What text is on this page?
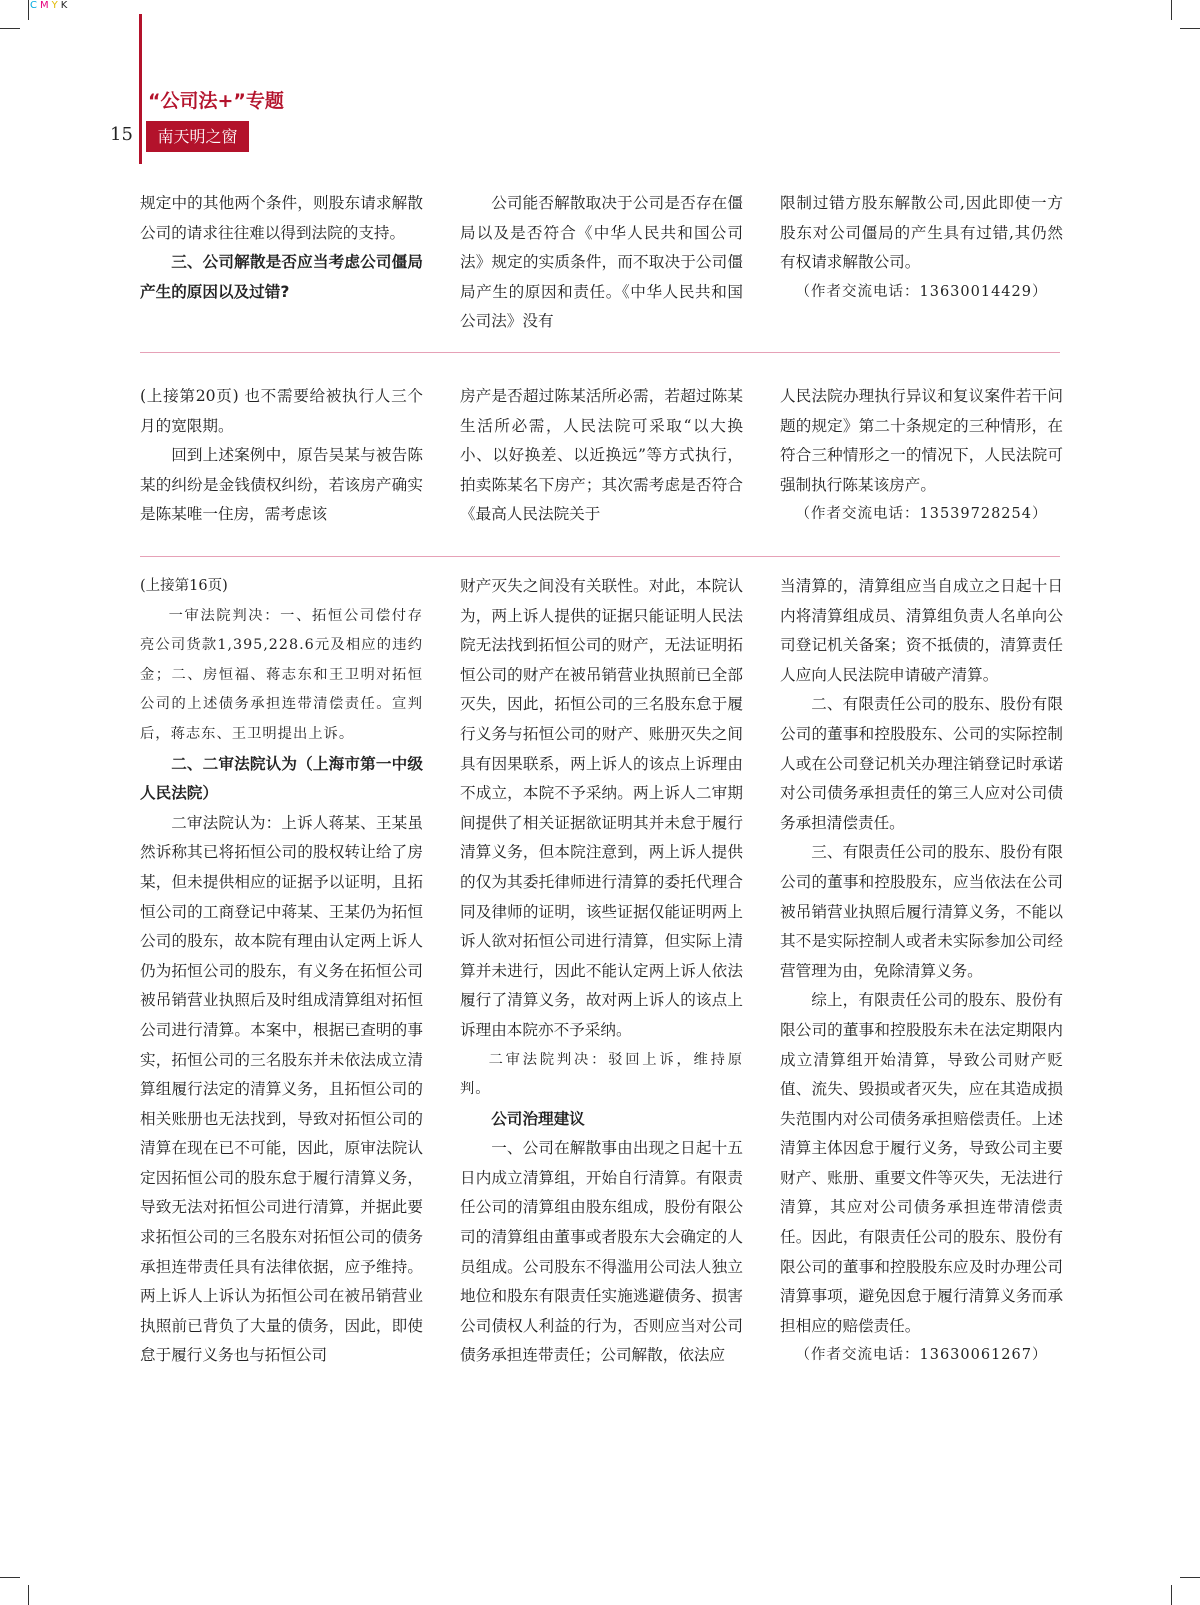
CMYK
“公司法+”专题
15	南天明之窗

规定中的其他两个条件，则股东请求解散公司的请求往往难以得到法院的支持。

三、公司解散是否应当考虑公司僵局产生的原因以及过错?

公司能否解散取决于公司是否存在僵局以及是否符合《中华人民共和国公司法》规定的实质条件，而不取决于公司僵局产生的原因和责任。《中华人民共和国公司法》没有

限制过错方股东解散公司,因此即使一方股东对公司僵局的产生具有过错,其仍然有权请求解散公司。

（作者交流电话：13630014429）

(上接第20页) 也不需要给被执行人三个月的宽限期。

回到上述案例中，原告吴某与被告陈某的纠纷是金钱债权纠纷，若该房产确实是陈某唯一住房，需考虑该

房产是否超过陈某活所必需，若超过陈某生活所必需，人民法院可采取“以大换小、以好换差、以近换远”等方式执行，拍卖陈某名下房产；其次需考虑是否符合《最高人民法院关于

人民法院办理执行异议和复议案件若干问题的规定》第二十条规定的三种情形，在符合三种情形之一的情况下，人民法院可强制执行陈某该房产。

（作者交流电话：13539728254）

(上接第16页)

一审法院判决：一、拓恒公司偿付存亮公司货款1,395,228.6元及相应的违约金；二、房恒福、蒋志东和王卫明对拓恒公司的上述债务承担连带清偿责任。宣判后，蒋志东、王卫明提出上诉。

二、二审法院认为（上海市第一中级人民法院）

二审法院认为：上诉人蒋某、王某虽然诉称其已将拓恒公司的股权转让给了房某，但未提供相应的证据予以证明，且拓恒公司的工商登记中蒋某、王某仍为拓恒公司的股东，故本院有理由认定两上诉人仍为拓恒公司的股东，有义务在拓恒公司被吊销营业执照后及时组成清算组对拓恒公司进行清算。本案中，根据已查明的事实，拓恒公司的三名股东并未依法成立清算组履行法定的清算义务，且拓恒公司的相关账册也无法找到，导致对拓恒公司的清算在现在已不可能，因此，原审法院认定因拓恒公司的股东怠于履行清算义务，导致无法对拓恒公司进行清算，并据此要求拓恒公司的三名股东对拓恒公司的债务承担连带责任具有法律依据，应予维持。两上诉人上诉认为拓恒公司在被吊销营业执照前已背负了大量的债务，因此，即使怠于履行义务也与拓恒公司

财产灭失之间没有关联性。对此，本院认为，两上诉人提供的证据只能证明人民法院无法找到拓恒公司的财产，无法证明拓恒公司的财产在被吊销营业执照前已全部灭失，因此，拓恒公司的三名股东怠于履行义务与拓恒公司的财产、账册灭失之间具有因果联系，两上诉人的该点上诉理由不成立，本院不予采纳。两上诉人二审期间提供了相关证据欲证明其并未怠于履行清算义务，但本院注意到，两上诉人提供的仅为其委托律师进行清算的委托代理合同及律师的证明，该些证据仅能证明两上诉人欲对拓恒公司进行清算，但实际上清算并未进行，因此不能认定两上诉人依法履行了清算义务，故对两上诉人的该点上诉理由本院亦不予采纳。

二审法院判决：驳回上诉，维持原判。

公司治理建议

一、公司在解散事由出现之日起十五日内成立清算组，开始自行清算。有限责任公司的清算组由股东组成，股份有限公司的清算组由董事或者股东大会确定的人员组成。公司股东不得滥用公司法人独立地位和股东有限责任实施逃避债务、损害公司债权人利益的行为，否则应当对公司债务承担连带责任；公司解散，依法应

当清算的，清算组应当自成立之日起十日内将清算组成员、清算组负责人名单向公司登记机关备案；资不抵债的，清算责任人应向人民法院申请破产清算。

二、有限责任公司的股东、股份有限公司的董事和控股股东、公司的实际控制人或在公司登记机关办理注销登记时承诺对公司债务承担责任的第三人应对公司债务承担清偿责任。

三、有限责任公司的股东、股份有限公司的董事和控股股东，应当依法在公司被吊销营业执照后履行清算义务，不能以其不是实际控制人或者未实际参加公司经营管理为由，免除清算义务。

综上，有限责任公司的股东、股份有限公司的董事和控股股东未在法定期限内成立清算组开始清算，导致公司财产贬值、流失、毁损或者灭失，应在其造成损失范围内对公司债务承担赔偿责任。上述清算主体因怠于履行义务，导致公司主要财产、账册、重要文件等灭失，无法进行清算，其应对公司债务承担连带清偿责任。因此，有限责任公司的股东、股份有限公司的董事和控股股东应及时办理公司清算事项，避免因怠于履行清算义务而承担相应的赔偿责任。

（作者交流电话：13630061267）
